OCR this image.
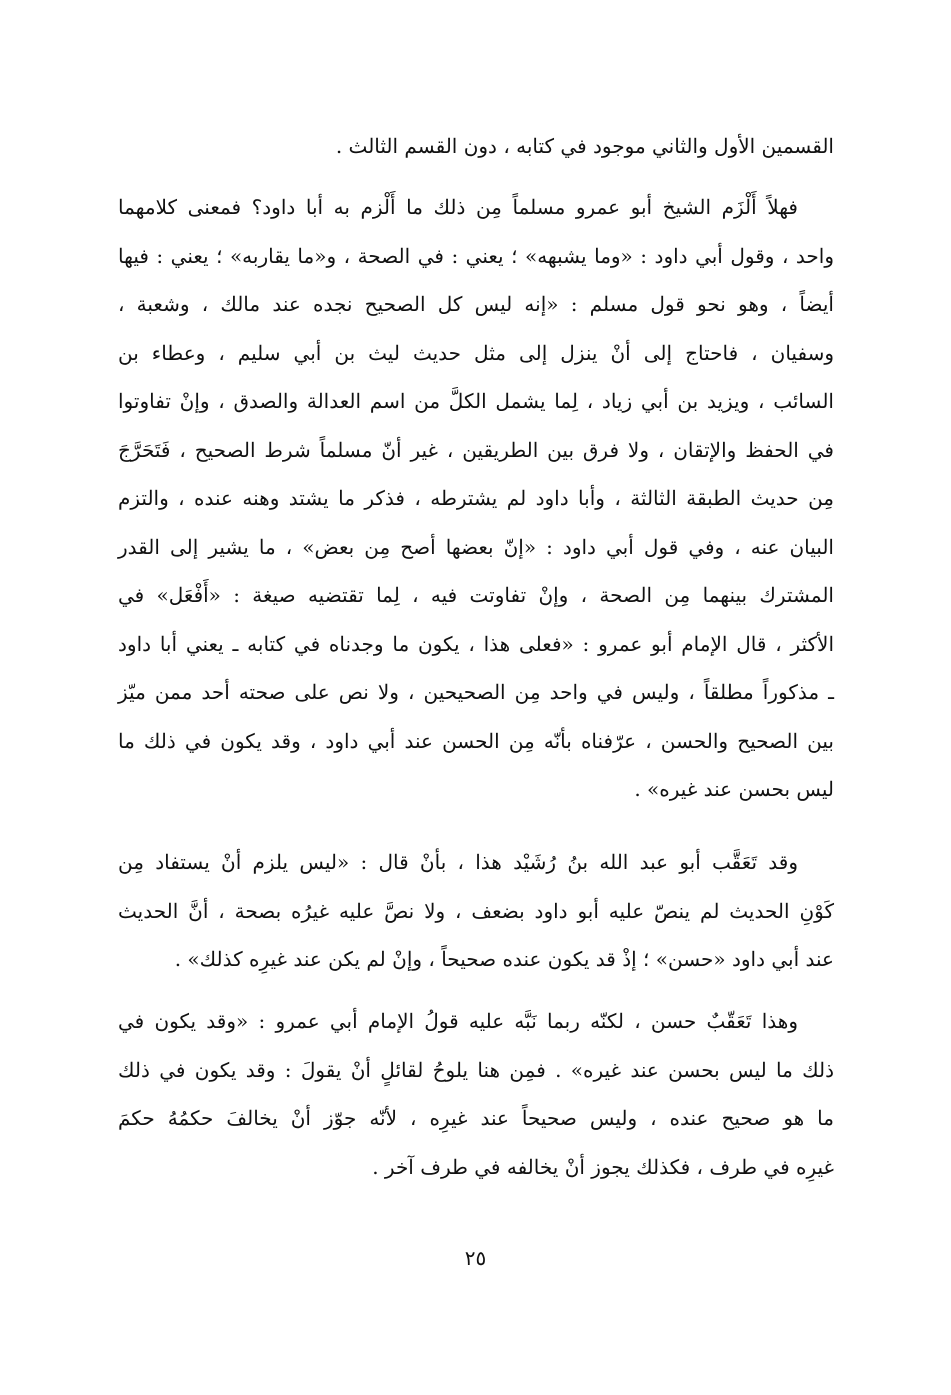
القسمين الأول والثاني موجود في كتابه ، دون القسم الثالث .
فهلاً أَلْزَم الشيخ أبو عمرو مسلماً مِن ذلك ما أَلْزم به أبا داود؟ فمعنى كلامهما
واحد ، وقول أبي داود : «وما يشبهه» ؛ يعني : في الصحة ، و«ما يقاربه» ؛ يعني : فيها
أيضاً ، وهو نحو قول مسلم : «إنه ليس كل الصحيح نجده عند مالك ، وشعبة ،
وسفيان ، فاحتاج إلى أنْ ينزل إلى مثل حديث ليث بن أبي سليم ، وعطاء بن
السائب ، ويزيد بن أبي زياد ، لِما يشمل الكلَّ من اسم العدالة والصدق ، وإنْ تفاوتوا
في الحفظ والإتقان ، ولا فرق بين الطريقين ، غير أنّ مسلماً شرط الصحيح ، فَتَحَرَّجَ
مِن حديث الطبقة الثالثة ، وأبا داود لم يشترطه ، فذكر ما يشتد وهنه عنده ، والتزم
البيان عنه ، وفي قول أبي داود : «إنّ بعضها أصح مِن بعض» ، ما يشير إلى القدر
المشترك بينهما مِن الصحة ، وإنْ تفاوتت فيه ، لِما تقتضيه صيغة : «أَفْعَل» في
الأكثر ، قال الإمام أبو عمرو : «فعلى هذا ، يكون ما وجدناه في كتابه ـ يعني أبا داود
ـ مذكوراً مطلقاً ، وليس في واحد مِن الصحيحين ، ولا نص على صحته أحد ممن ميّز
بين الصحيح والحسن ، عرّفناه بأنّه مِن الحسن عند أبي داود ، وقد يكون في ذلك ما
ليس بحسن عند غيره» .
وقد تَعَقَّب أبو عبد الله بنُ رُشَيْد هذا ، بأنْ قال : «ليس يلزم أنْ يستفاد مِن
كَوْنِ الحديث لم ينصّ عليه أبو داود بضعف ، ولا نصَّ عليه غيرُه بصحة ، أنَّ الحديث
عند أبي داود «حسن» ؛ إذْ قد يكون عنده صحيحاً ، وإنْ لم يكن عند غيرِه كذلك» .
وهذا تَعَقّبٌ حسن ، لكنّه ربما نَبَّه عليه قولُ الإمام أبي عمرو : «وقد يكون في
ذلك ما ليس بحسن عند غيره» . فمِن هنا يلوحُ لقائلٍ أنْ يقولَ : وقد يكون في ذلك
ما هو صحيح عنده ، وليس صحيحاً عند غيرِه ، لأنّه جوّز أنْ يخالفَ حكمُهُ حكمَ
غيرِه في طرف ، فكذلك يجوز أنْ يخالفه في طرف آخر .
٢٥
